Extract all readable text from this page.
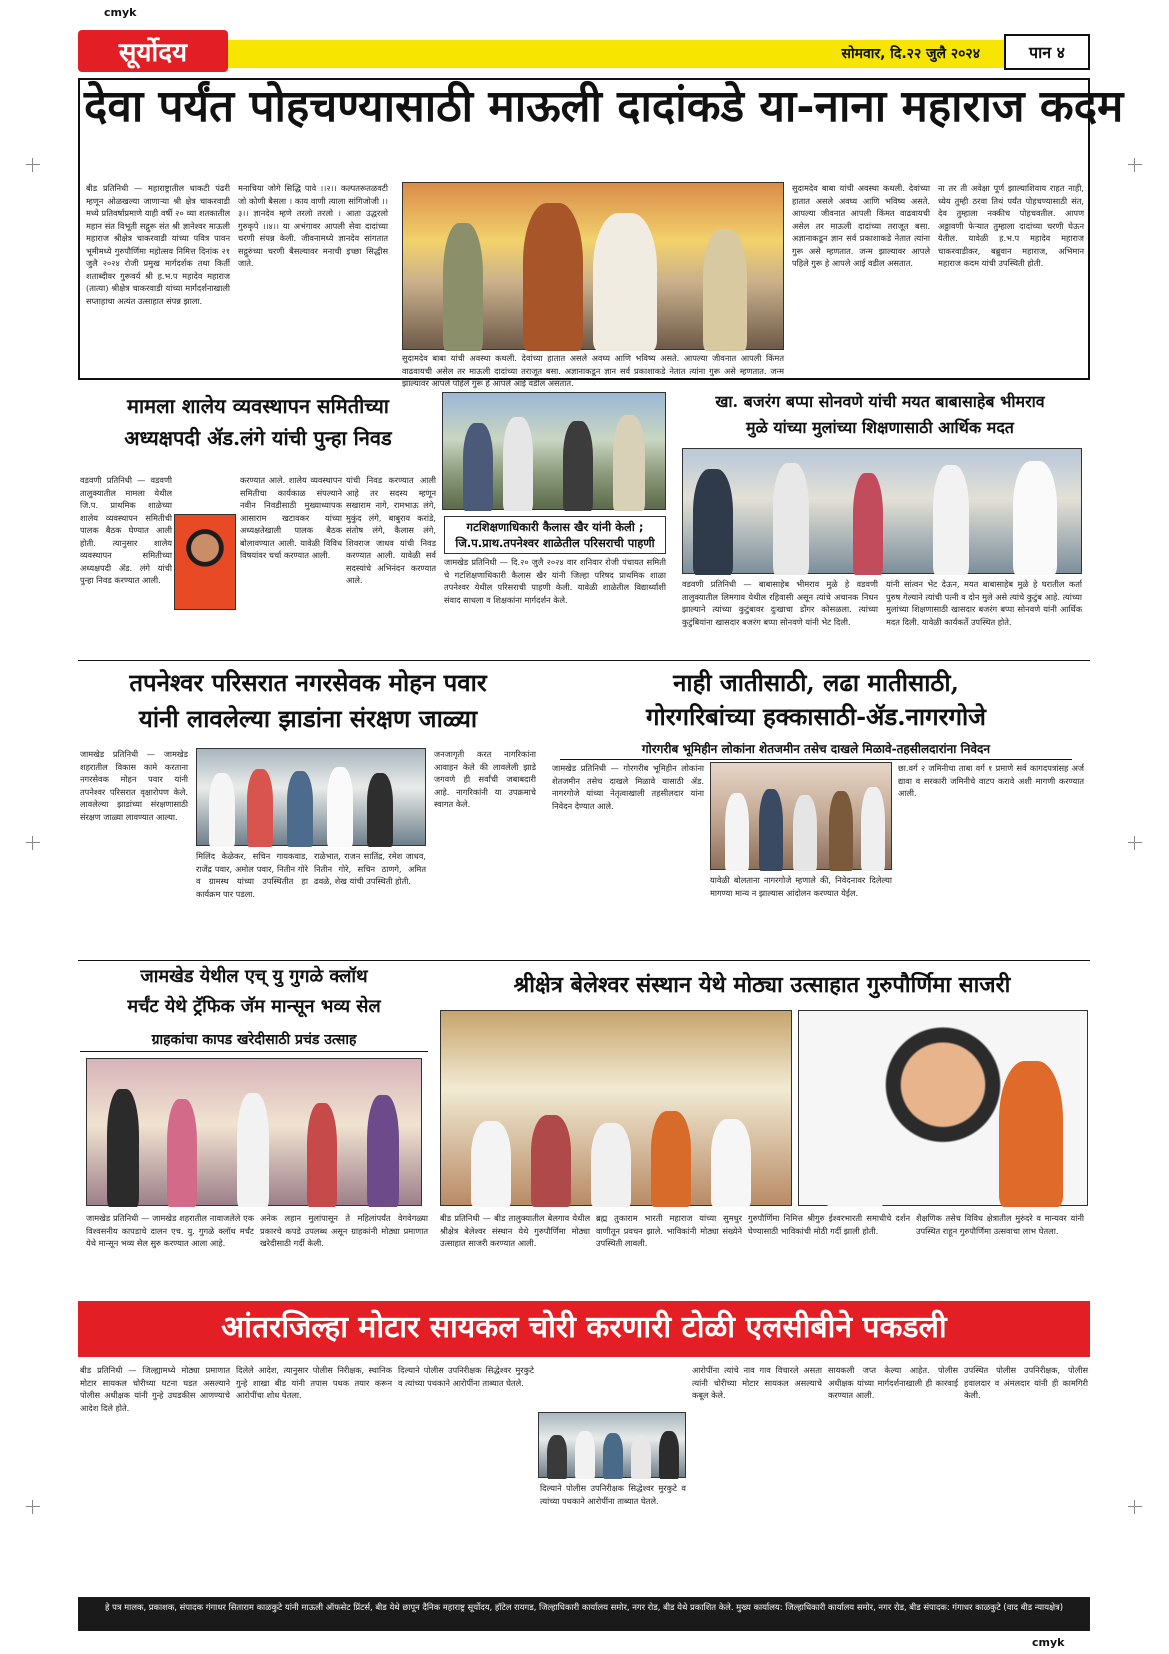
cmyk
cmyk
सूर्योदय	सोमवार, दि.२२ जुलै २०२४	पान ४
देवा पर्यंत पोहचण्यासाठी माऊली दादांकडे या-नाना महाराज कदम
बीड प्रतिनिधी — महाराष्ट्रातील धाकटी पंढरी म्हणून ओळखल्या जाणाऱ्या श्री क्षेत्र चाकरवाडी मध्ये प्रतिवर्षाप्रमाणे याही वर्षी २० व्या शतकातील महान संत विभूती सद्गुरू संत श्री ज्ञानेश्वर माऊली महाराज श्रीक्षेत्र चाकरवाडी यांच्या पवित्र पावन भूमीमध्ये गुरुपौर्णिमा महोत्सव निमित्त दिनांक २१ जुलै २०२४ रोजी प्रमुख मार्गदर्शक तथा किर्ती शताब्दीवर गुरूवर्य श्री ह.भ.प महादेव महाराज (तात्या) श्रीक्षेत्र चाकरवाडी यांच्या मार्गदर्शनाखाली सप्ताहाचा अत्यंत उत्साहात संपन्न झाला.
मनाचिया जोगे सिद्धि पावे ।।२।। कल्पतरूतळवटी जो कोणी बैसला । काय वाणी त्याला सांगिजोजी ।।३।। ज्ञानदेव म्हणे तरलो तरलो । आता उद्धरलो गुरुकृपे ।।४।। या अभंगावर आपली सेवा दादांच्या चरणी संपन्न केली. जीवनामध्ये ज्ञानदेव सांगतात सद्गुरुंच्या चरणी बैसल्यावर मनाची इच्छा सिद्धीस जाते.
सुदामदेव बाबा यांची अवस्था कथली. देवांच्या हातात असले अवघ्य आणि भविष्य असते. आपल्या जीवनात आपली किंमत वाढवायची असेल तर माऊली दादांच्या तराजूत बसा. अज्ञानाकडून ज्ञान सर्व प्रकाशाकडे नेतात त्यांना गुरू असे म्हणतात. जन्म झाल्यावर आपले पहिले गुरू हे आपले आई वडील असतात.
सुदामदेव बाबा यांची अवस्था कथली. देवांच्या हातात असले अवघ्य आणि भविष्य असते. आपल्या जीवनात आपली किंमत वाढवायची असेल तर माऊली दादांच्या तराजूत बसा. अज्ञानाकडून ज्ञान सर्व प्रकाशाकडे नेतात त्यांना गुरू असे म्हणतात. जन्म झाल्यावर आपले पहिले गुरू हे आपले आई वडील असतात.
ना तर ती अवेक्षा पूर्ण झाल्याशिवाय राहत नाही, ध्येय तुम्ही ठरवा तिथं पर्यंत पोहचण्यासाठी संत, देव तुम्हाला नक्कीच पोहचवतील. आपण अठ्ठावणी फेऱ्यात तुम्हाला दादांच्या चरणी घेऊन येतील. यावेळी ह.भ.प महादेव महाराज चाकरवाडीकर, बब्रुवान महाराज, अभिमान महाराज कदम यांची उपस्थिती होती.
मामला शालेय व्यवस्थापन समितीच्या
अध्यक्षपदी ॲड.लंगे यांची पुन्हा निवड
वडवणी प्रतिनिधी — वडवणी तालुक्यातील मामला येथील जि.प. प्राथमिक शाळेच्या शालेय व्यवस्थापन समितीची पालक बैठक घेण्यात आली होती. त्यानुसार शालेय व्यवस्थापन समितीच्या अध्यक्षपदी ॲड. लंगे यांची पुन्हा निवड करण्यात आली.
करण्यात आले. शालेय व्यवस्थापन समितीचा कार्यकाळ संपल्याने नवीन निवडीसाठी मुख्याध्यापक आसाराम खटावकर यांच्या अध्यक्षतेखाली पालक बैठक बोलावण्यात आली. यावेळी विविध विषयांवर चर्चा करण्यात आली.
यांची निवड करण्यात आली आहे तर सदस्य म्हणून सखाराम नागे, रामभाऊ लंगे, मुकुंद लंगे, बाबुराव करांडे, संतोष लंगे, कैलास लंगे, शिवराज जाधव यांची निवड करण्यात आली. यावेळी सर्व सदस्यांचे अभिनंदन करण्यात आले.
गटशिक्षणाधिकारी कैलास खैर यांनी केली ;
जि.प.प्राथ.तपनेश्वर शाळेतील परिसराची पाहणी
जामखेड प्रतिनिधी — दि.२० जुलै २०२४ वार शनिवार रोजी पंचायत समिती चे गटशिक्षणाधिकारी कैलास खैर यांनी जिल्हा परिषद प्राथमिक शाळा तपनेश्वर येथील परिसराची पाहणी केली. यावेळी शाळेतील विद्यार्थ्यांशी संवाद साधला व शिक्षकांना मार्गदर्शन केले.
खा. बजरंग बप्पा सोनवणे यांची मयत बाबासाहेब भीमराव
मुळे यांच्या मुलांच्या शिक्षणासाठी आर्थिक मदत
वडवणी प्रतिनिधी — बाबासाहेब भीमराव मुळे हे वडवणी तालुक्यातील लिमगाव येथील रहिवासी असून त्यांचे अचानक निधन झाल्याने त्यांच्या कुटुंबावर दुःखाचा डोंगर कोसळला. त्यांच्या कुटुंबियांना खासदार बजरंग बप्पा सोनवणे यांनी भेट दिली.
यांनी सांत्वन भेट देऊन, मयत बाबासाहेब मुळे हे घरातील कर्ता पुरुष गेल्याने त्यांची पत्नी व दोन मुले असे त्यांचे कुटुंब आहे. त्यांच्या मुलांच्या शिक्षणासाठी खासदार बजरंग बप्पा सोनवणे यांनी आर्थिक मदत दिली. यावेळी कार्यकर्ते उपस्थित होते.
तपनेश्वर परिसरात नगरसेवक मोहन पवार
यांनी लावलेल्या झाडांना संरक्षण जाळ्या
जामखेड प्रतिनिधी — जामखेड शहरातील विकास कामे करताना नगरसेवक मोहन पवार यांनी तपनेश्वर परिसरात वृक्षारोपण केले. लावलेल्या झाडांच्या संरक्षणासाठी संरक्षण जाळ्या लावण्यात आल्या.
मिलिंद केळेकर, सचिन गायकवाड, राजेंद्र पवार, अमोल पवार, नितीन गोरे व ग्रामस्थ यांच्या उपस्थितीत हा कार्यक्रम पार पडला.
राळेभात, राजन सातिंद्र, रमेश जाधव, नितीन गोरे, सचिन ठाणगे, अमित ढवळे, शेख यांची उपस्थिती होती.
जनजागृती करत नागरिकांना आवाहन केले की लावलेली झाडे जगवणे ही सर्वांची जबाबदारी आहे. नागरिकांनी या उपक्रमाचे स्वागत केले.
नाही जातीसाठी, लढा मातीसाठी,
गोरगरिबांच्या हक्कासाठी-ॲड.नागरगोजे
गोरगरीब भूमिहीन लोकांना शेतजमीन तसेच दाखले मिळावे-तहसीलदारांना निवेदन
जामखेड प्रतिनिधी — गोरगरीब भूमिहीन लोकांना शेतजमीन तसेच दाखले मिळावे यासाठी ॲड. नागरगोजे यांच्या नेतृत्वाखाली तहसीलदार यांना निवेदन देण्यात आले.
यावेळी बोलताना नागरगोजे म्हणाले की, निवेदनावर दिलेल्या मागण्या मान्य न झाल्यास आंदोलन करण्यात येईल.
छा.वर्ग २ जमिनीचा ताबा वर्ग १ प्रमाणे सर्व कागदपत्रांसह अर्ज द्यावा व सरकारी जमिनीचे वाटप करावे अशी मागणी करण्यात आली.
जामखेड येथील एच् यु गुगळे क्लॉथ
मर्चंट येथे ट्रॅफिक जॅम मान्सून भव्य सेल
ग्राहकांचा कापड खरेदीसाठी प्रचंड उत्साह
जामखेड प्रतिनिधी — जामखेड शहरातील नावाजलेले एक विश्वसनीय कापडाचे दालन एच. यु. गुगळे क्लॉथ मर्चंट येथे मान्सून भव्य सेल सुरु करण्यात आला आहे.
अनेक लहान मुलांपासून ते महिलांपर्यंत वेगवेगळ्या प्रकारचे कपडे उपलब्ध असून ग्राहकांनी मोठ्या प्रमाणात खरेदीसाठी गर्दी केली.
श्रीक्षेत्र बेलेश्वर संस्थान येथे मोठ्या उत्साहात गुरुपौर्णिमा साजरी
बीड प्रतिनिधी — बीड तालुक्यातील बेलगाव येथील श्रीक्षेत्र बेलेश्वर संस्थान येथे गुरुपौर्णिमा मोठ्या उत्साहात साजरी करण्यात आली.
ब्रह्म तुकाराम भारती महाराज यांच्या सुमधुर वाणीतून प्रवचन झाले. भाविकांनी मोठ्या संख्येने उपस्थिती लावली.
गुरुपौर्णिमा निमित्त श्रीगुरु ईश्वरभारती समाधीचे दर्शन घेण्यासाठी भाविकांची मोठी गर्दी झाली होती.
शैक्षणिक तसेच विविध क्षेत्रातील मुरुंदरे व मान्यवर यांनी उपस्थित राहून गुरुपौर्णिमा उत्सवाचा लाभ घेतला.
आंतरजिल्हा मोटार सायकल चोरी करणारी टोळी एलसीबीने पकडली
बीड प्रतिनिधी — जिल्ह्यामध्ये मोठ्या प्रमाणात मोटार सायकल चोरीच्या घटना घडत असल्याने पोलीस अधीक्षक यांनी गुन्हे उघडकीस आणण्याचे आदेश दिले होते.
दिलेले आदेश, त्यानुसार पोलीस निरीक्षक, स्थानिक गुन्हे शाखा बीड यांनी तपास पथक तयार करून आरोपींचा शोध घेतला.
दिल्याने पोलीस उपनिरीक्षक सिद्धेश्वर मुरकुटे व त्यांच्या पथकाने आरोपींना ताब्यात घेतले.
दिल्याने पोलीस उपनिरीक्षक सिद्धेश्वर मुरकुटे व त्यांच्या पथकाने आरोपींना ताब्यात घेतले.
आरोपींना त्यांचे नाव गाव विचारले असता त्यांनी चोरीच्या मोटार सायकल असल्याचे कबूल केले.
सायकली जप्त केल्या आहेत. पोलीस अधीक्षक यांच्या मार्गदर्शनाखाली ही कारवाई करण्यात आली.
उपस्थित पोलीस उपनिरीक्षक, पोलीस हवालदार व अंमलदार यांनी ही कामगिरी केली.
हे पत्र मालक, प्रकाशक, संपादक गंगाधर सिताराम काळकुटे यांनी माऊली ऑफसेट प्रिंटर्स, बीड येथे छापून दैनिक महाराष्ट्र सूर्योदय, हॉटेल रायगड, जिल्हाधिकारी कार्यालय समोर, नगर रोड, बीड येथे प्रकाशित केले. मुख्य कार्यालय: जिल्हाधिकारी कार्यालय समोर, नगर रोड, बीड संपादक: गंगाधर काळकुटे (वाद बीड न्यायक्षेत्र)
